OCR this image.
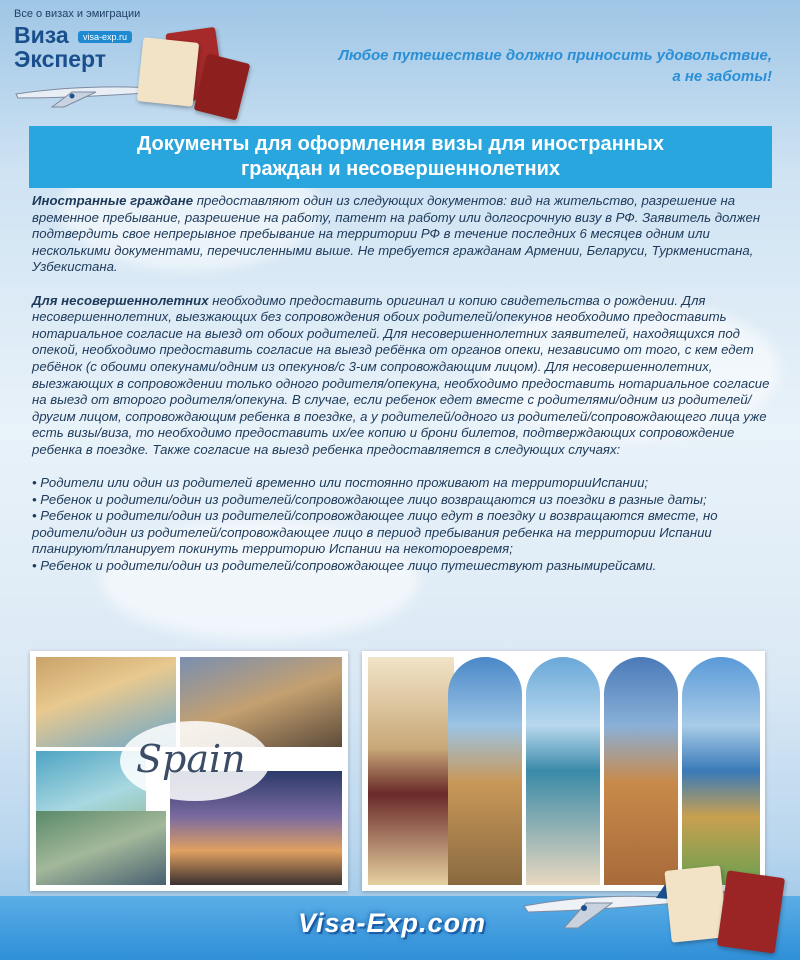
Все о визах и эмиграции
Виза	visa-exp.ru
Эксперт	Любое путешествие должно приносить удовольствие,
а не заботы!
Документы для оформления визы для иностранных
граждан и несовершеннолетних

Иностранные граждане предоставляют один из следующих документов: вид на жительство, разрешение на временное пребывание, разрешение на работу, патент на работу или долгосрочную визу в РФ. Заявитель должен подтвердить свое непрерывное пребывание на территории РФ в течение последних 6 месяцев одним или несколькими документами, перечисленными выше. Не требуется гражданам Армении, Беларуси, Туркменистана, Узбекистана.

Для несовершеннолетних необходимо предоставить оригинал и копию свидетельства о рождении. Для несовершеннолетних, выезжающих без сопровождения обоих родителей/опекунов необходимо предоставить нотариальное согласие на выезд от обоих родителей. Для несовершеннолетних заявителей, находящихся под опекой, необходимо предоставить согласие на выезд ребёнка от органов опеки, независимо от того, с кем едет ребёнок (с обоими опекунами/одним из опекунов/с 3-им сопровождающим лицом). Для несовершеннолетних, выезжающих в сопровождении только одного родителя/опекуна, необходимо предоставить нотариальное согласие на выезд от второго родителя/опекуна. В случае, если ребенок едет вместе с родителями/одним из родителей/другим лицом, сопровождающим ребенка в поездке, а у родителей/одного из родителей/сопровождающего лица уже есть визы/виза, то необходимо предоставить их/ее копию и брони билетов, подтверждающих сопровождение ребенка в поездке. Также согласие на выезд ребенка предоставляется в следующих случаях:

• Родители или один из родителей временно или постоянно проживают на территорииИспании;

• Ребенок и родители/один из родителей/сопровождающее лицо возвращаются из поездки в разные даты;

• Ребенок и родители/один из родителей/сопровождающее лицо едут в поездку и возвращаются вместе, но родители/один из родителей/сопровождающее лицо в период пребывания ребенка на территории Испании планируют/планирует покинуть территорию Испании на некотороевремя;

• Ребенок и родители/один из родителей/сопровождающее лицо путешествуют разнымирейсами.

Spain
Visa-Exp.com
